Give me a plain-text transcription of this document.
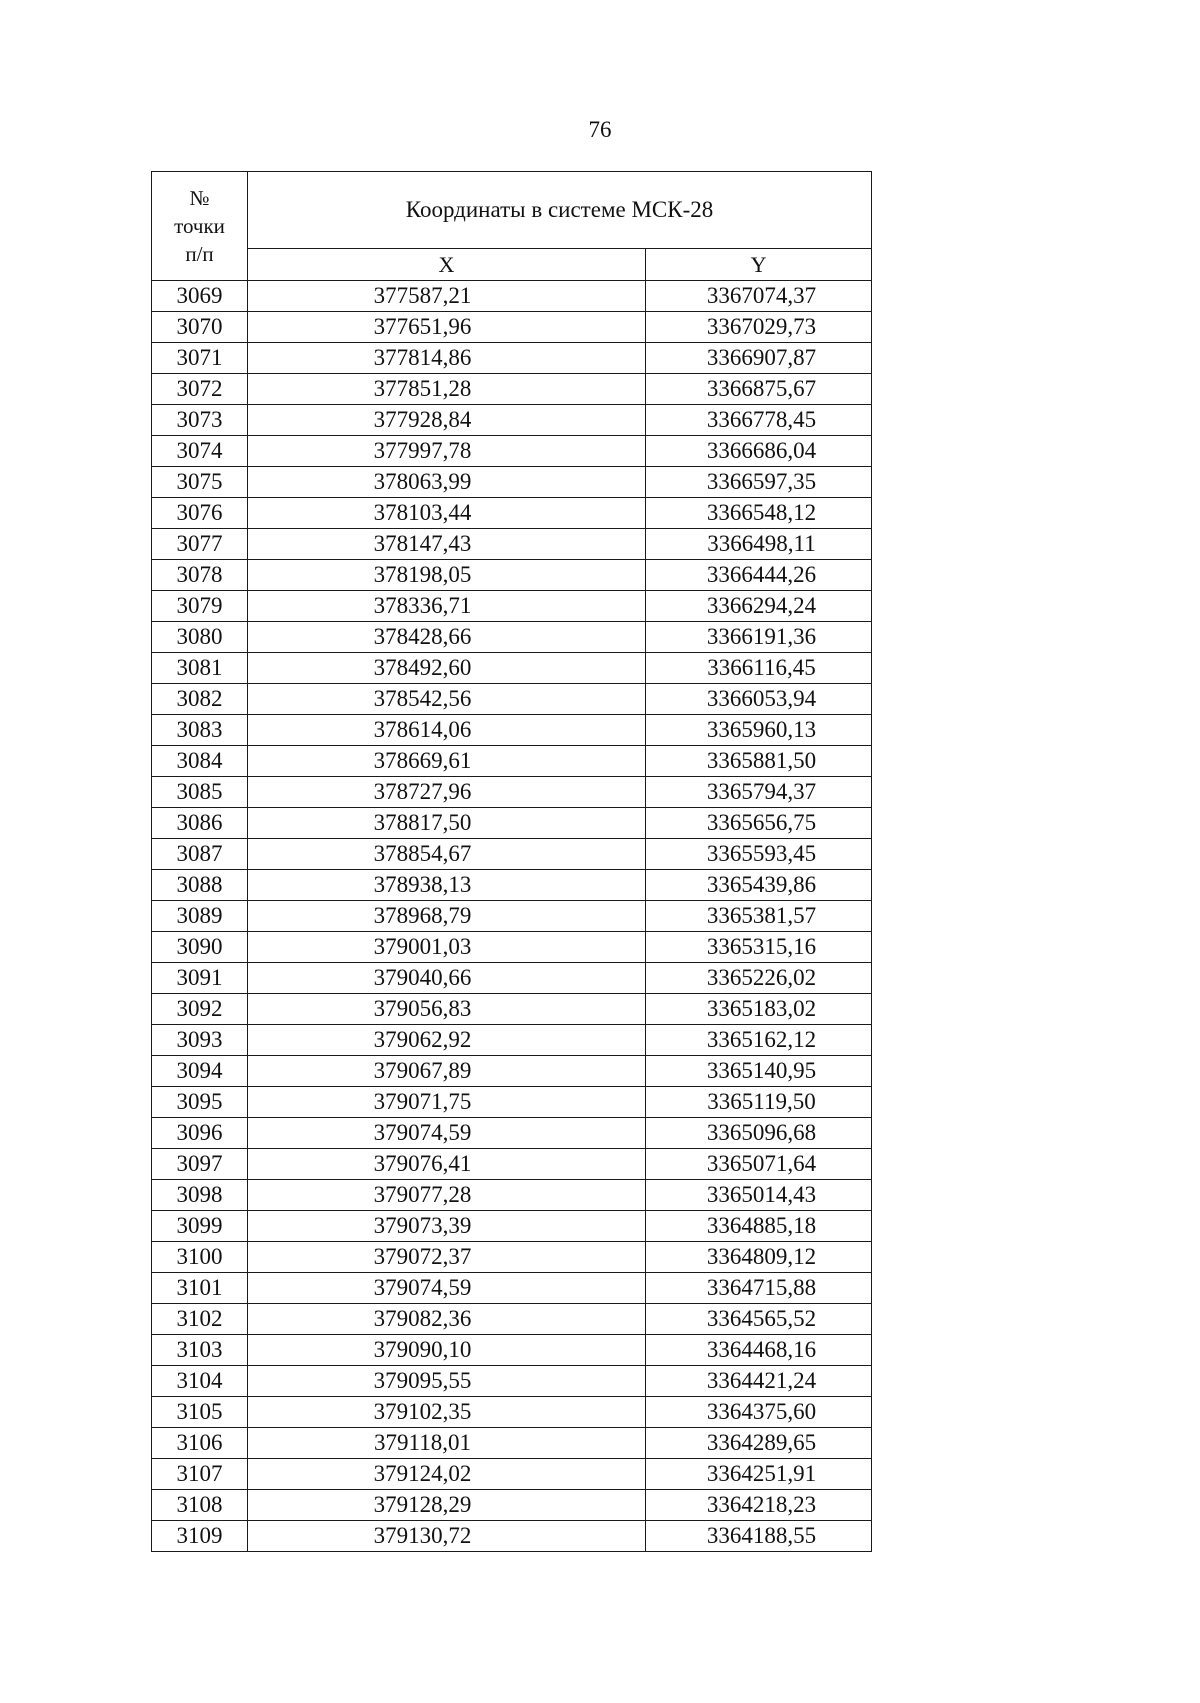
76
№
точки
п/п	Координаты в системе МСК-28	
	X	Y
3069	377587,21	3367074,37
3070	377651,96	3367029,73
3071	377814,86	3366907,87
3072	377851,28	3366875,67
3073	377928,84	3366778,45
3074	377997,78	3366686,04
3075	378063,99	3366597,35
3076	378103,44	3366548,12
3077	378147,43	3366498,11
3078	378198,05	3366444,26
3079	378336,71	3366294,24
3080	378428,66	3366191,36
3081	378492,60	3366116,45
3082	378542,56	3366053,94
3083	378614,06	3365960,13
3084	378669,61	3365881,50
3085	378727,96	3365794,37
3086	378817,50	3365656,75
3087	378854,67	3365593,45
3088	378938,13	3365439,86
3089	378968,79	3365381,57
3090	379001,03	3365315,16
3091	379040,66	3365226,02
3092	379056,83	3365183,02
3093	379062,92	3365162,12
3094	379067,89	3365140,95
3095	379071,75	3365119,50
3096	379074,59	3365096,68
3097	379076,41	3365071,64
3098	379077,28	3365014,43
3099	379073,39	3364885,18
3100	379072,37	3364809,12
3101	379074,59	3364715,88
3102	379082,36	3364565,52
3103	379090,10	3364468,16
3104	379095,55	3364421,24
3105	379102,35	3364375,60
3106	379118,01	3364289,65
3107	379124,02	3364251,91
3108	379128,29	3364218,23
3109	379130,72	3364188,55
